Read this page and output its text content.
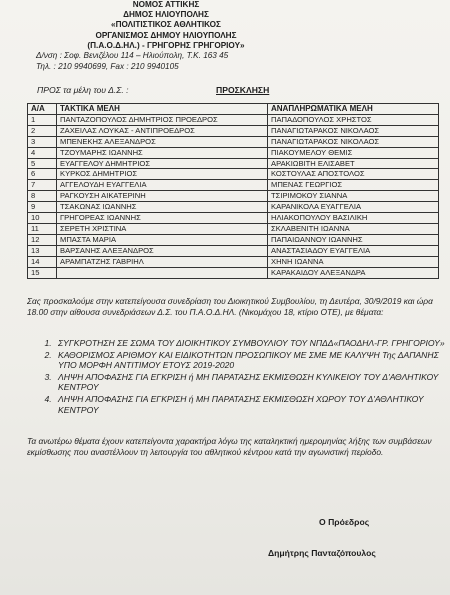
ΝΟΜΟΣ ΑΤΤΙΚΗΣ
ΔΗΜΟΣ ΗΛΙΟΥΠΟΛΗΣ
«ΠΟΛΙΤΙΣΤΙΚΟΣ ΑΘΛΗΤΙΚΟΣ
ΟΡΓΑΝΙΣΜΟΣ ΔΗΜΟΥ ΗΛΙΟΥΠΟΛΗΣ
(Π.Α.Ο.Δ.ΗΛ.) - ΓΡΗΓΟΡΗΣ ΓΡΗΓΟΡΙΟΥ»
Δ/νση : Σοφ. Βενιζέλου 114 – Ηλιούπολη, Τ.Κ. 163 45
Τηλ. : 210 9940699, Fax : 210 9940105
ΠΡΟΣ τα μέλη του Δ.Σ. :	ΠΡΟΣΚΛΗΣΗ
Α/Α	ΤΑΚΤΙΚΑ ΜΕΛΗ	ΑΝΑΠΛΗΡΩΜΑΤΙΚΑ ΜΕΛΗ
1	ΠΑΝΤΑΖΟΠΟΥΛΟΣ ΔΗΜΗΤΡΙΟΣ ΠΡΟΕΔΡΟΣ	ΠΑΠΑΔΟΠΟΥΛΟΣ ΧΡΗΣΤΟΣ
2	ΖΑΧΕΙΛΑΣ ΛΟΥΚΑΣ - ΑΝΤΙΠΡΟΕΔΡΟΣ	ΠΑΝΑΓΙΩΤΑΡΑΚΟΣ ΝΙΚΟΛΑΟΣ
3	ΜΠΕΝΕΚΗΣ ΑΛΕΞΑΝΔΡΟΣ	ΠΑΝΑΓΙΩΤΑΡΑΚΟΣ ΝΙΚΟΛΑΟΣ
4	ΤΖΟΥΜΑΡΗΣ ΙΩΑΝΝΗΣ	ΠΙΑΚΟΥΜΕΛΟΥ ΘΕΜΙΣ
5	ΕΥΑΓΓΕΛΟΥ ΔΗΜΗΤΡΙΟΣ	ΑΡΑΚΙΩΒΙΤΗ ΕΛΙΣΑΒΕΤ
6	ΚΥΡΚΟΣ ΔΗΜΗΤΡΙΟΣ	ΚΟΣΤΟΥΛΑΣ ΑΠΟΣΤΟΛΟΣ
7	ΑΓΓΕΛΟΥΔΗ ΕΥΑΓΓΕΛΙΑ	ΜΠΕΝΑΣ ΓΕΩΡΓΙΟΣ
8	ΡΑΓΚΟΥΣΗ ΑΙΚΑΤΕΡΙΝΗ	ΤΣΙΡΙΜΟΚΟΥ ΣΙΑΝΝΑ
9	ΤΣΑΚΩΝΑΣ ΙΩΑΝΝΗΣ	ΚΑΡΑΝΙΚΟΛΑ ΕΥΑΓΓΕΛΙΑ
10	ΓΡΗΓΟΡΕΑΣ ΙΩΑΝΝΗΣ	ΗΛΙΑΚΟΠΟΥΛΟΥ ΒΑΣΙΛΙΚΗ
11	ΣΕΡΕΤΗ ΧΡΙΣΤΙΝΑ	ΣΚΛΑΒΕΝΙΤΗ ΙΩΑΝΝΑ
12	ΜΠΑΣΤΑ ΜΑΡΙΑ	ΠΑΠΑΙΩΑΝΝΟΥ ΙΩΑΝΝΗΣ
13	ΒΑΡΣΑΝΗΣ ΑΛΕΞΑΝΔΡΟΣ	ΑΝΑΣΤΑΣΙΑΔΟΥ ΕΥΑΓΓΕΛΙΑ
14	ΑΡΑΜΠΑΤΖΗΣ ΓΑΒΡΙΗΛ	ΧΗΝΗ ΙΩΑΝΝΑ
15		ΚΑΡΑΚΑΙΔΟΥ ΑΛΕΞΑΝΔΡΑ
Σας προσκαλούμε στην κατεπείγουσα συνεδρίαση του Διοικητικού Συμβουλίου, τη Δευτέρα, 30/9/2019 και ώρα 18.00 στην αίθουσα συνεδριάσεων Δ.Σ. του Π.Α.Ο.Δ.ΗΛ. (Νικομάχου 18, κτίριο ΟΤΕ), με θέματα:
1. ΣΥΓΚΡΟΤΗΣΗ ΣΕ ΣΩΜΑ ΤΟΥ ΔΙΟΙΚΗΤΙΚΟΥ ΣΥΜΒΟΥΛΙΟΥ ΤΟΥ ΝΠΔΔ«ΠΑΟΔΗΛ-ΓΡ. ΓΡΗΓΟΡΙΟΥ»
2. ΚΑΘΟΡΙΣΜΟΣ ΑΡΙΘΜΟΥ ΚΑΙ ΕΙΔΙΚΟΤΗΤΩΝ ΠΡΟΣΩΠΙΚΟΥ ΜΕ ΣΜΕ ΜΕ ΚΑΛΥΨΗ Της ΔΑΠΑΝΗΣ ΥΠΟ ΜΟΡΦΗ ΑΝΤΙΤΙΜΟΥ ΕΤΟΥΣ 2019-2020
3. ΛΗΨΗ ΑΠΟΦΑΣΗΣ ΓΙΑ ΕΓΚΡΙΣΗ ή ΜΗ ΠΑΡΑΤΑΣΗΣ ΕΚΜΙΣΘΩΣΗ ΚΥΛΙΚΕΙΟΥ ΤΟΥ Δ'ΑΘΛΗΤΙΚΟΥ ΚΕΝΤΡΟΥ
4. ΛΗΨΗ ΑΠΟΦΑΣΗΣ ΓΙΑ ΕΓΚΡΙΣΗ ή ΜΗ ΠΑΡΑΤΑΣΗΣ ΕΚΜΙΣΘΩΣΗ ΧΩΡΟΥ ΤΟΥ Δ'ΑΘΛΗΤΙΚΟΥ ΚΕΝΤΡΟΥ
Τα ανωτέρω θέματα έχουν κατεπείγοντα χαρακτήρα λόγω της καταληκτική ημερομηνίας λήξης των συμβάσεων εκμίσθωσης που αναστέλλουν τη λειτουργία του αθλητικού κέντρου κατά την αγωνιστική περίοδο.
Ο Πρόεδρος
Δημήτρης Πανταζόπουλος
